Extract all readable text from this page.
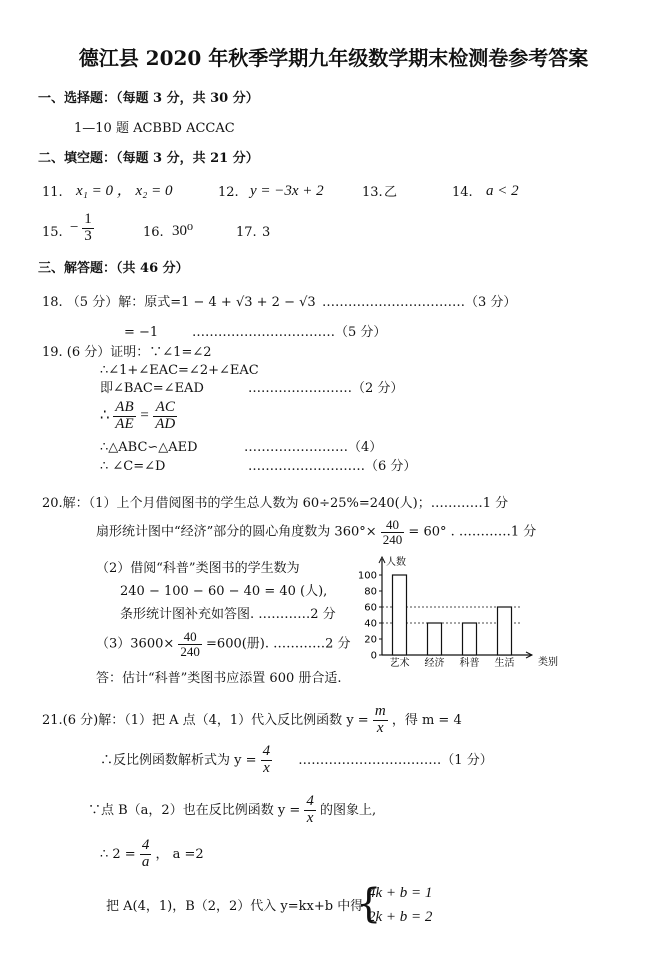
德江县 2020 年秋季学期九年级数学期末检测卷参考答案
一、选择题：（每题 3 分，共 30 分）
1—10 题 ACBBD ACCAC
二、填空题：（每题 3 分，共 21 分）
11. x₁ = 0 ， x₂ = 0	12. y = −3x + 2	13. 乙	14. a < 2
15. − $\frac{1}{3}$	16. 30⁰	17. 3
三、解答题：（共 46 分）
18. （5 分）解：原式=1 − 4 + √3 + 2 − √3 ……………………………（3 分）
= −1	……………………………（5 分）
19. (6 分）证明：∵∠1=∠2
∴∠1+∠EAC=∠2+∠EAC
即∠BAC=∠EAD	……………………（2 分）
∴ $\frac{AB}{AE} = \frac{AC}{AD}$
∴△ABC∽△AED	……………………（4）
∴ ∠C=∠D	………………………（6 分）
20.解：（1）上个月借阅图书的学生总人数为 60÷25%=240(人)；…………1 分
扇形统计图中“经济”部分的圆心角度数为 $360^\circ\times \frac{40}{240} = 60^\circ$ . …………1 分
（2）借阅“科普”类图书的学生数为
240 − 100 − 60 − 40 = 40 (人),
条形统计图补充如答图. …………2 分
$(3)3600\times \frac{40}{240} =600$(册). …………2 分
答：估计“科普”类图书应添置 600 册合适.
人数
类别
0
20
40
60
80
100
艺术 经济 科普 生活
21.(6 分)解：（1）把 A 点（4，1）代入反比例函数 $y = \frac{m}{x}$ ，得 m = 4
∴反比例函数解析式为 $y = \frac{4}{x}$ ……………………………（1 分）
∵点 B（a，2）也在反比例函数 $y = \frac{4}{x}$ 的图象上,
∴ $2 = \frac{4}{a}$ ， a =2
把 A(4，1)，B（2，2）代入 y=kx+b 中得
{
4k + b = 1
2k + b = 2
